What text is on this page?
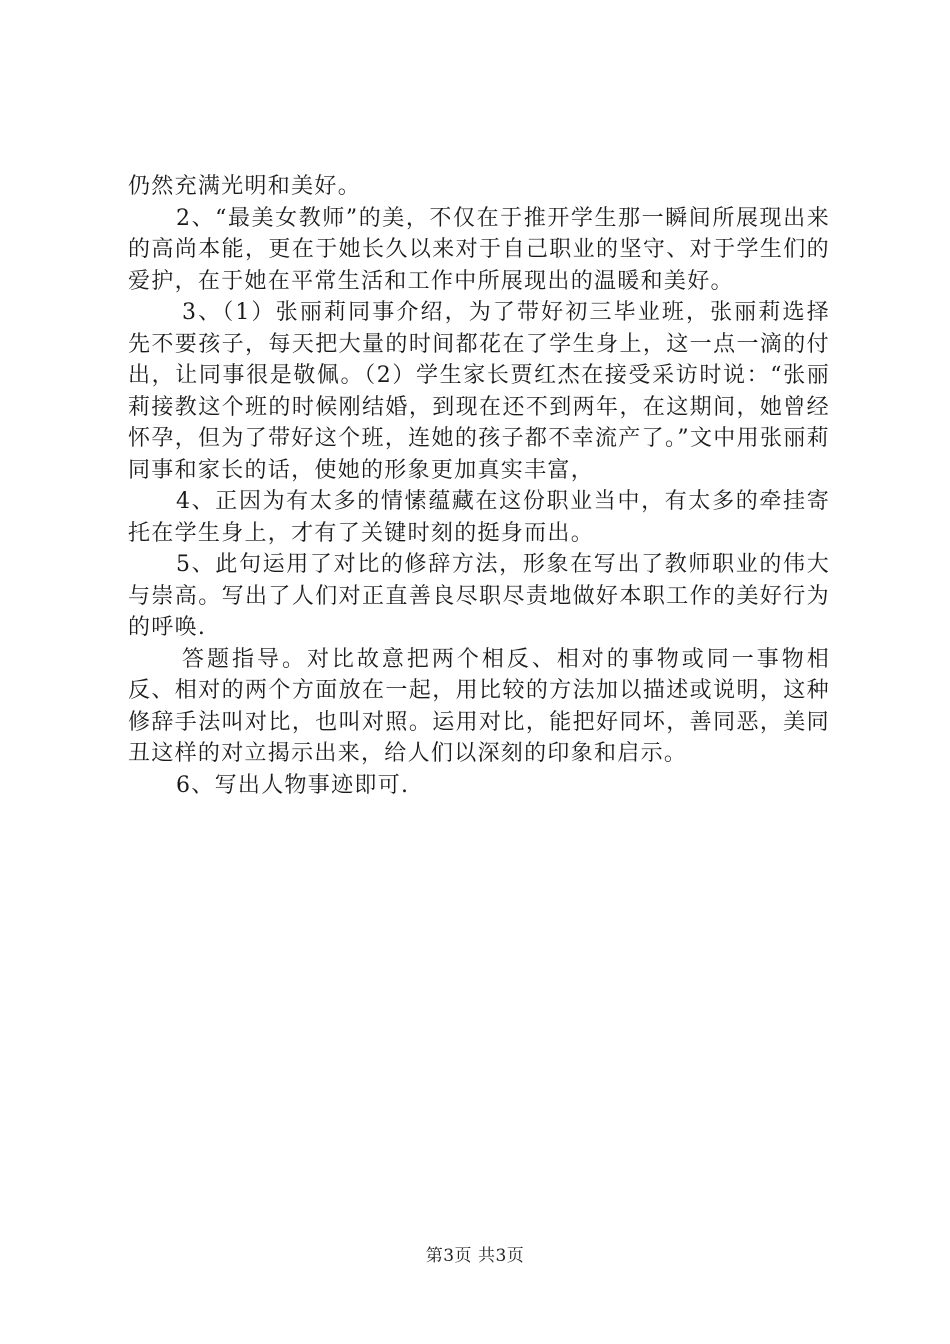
仍然充满光明和美好。

2、“最美女教师”的美，不仅在于推开学生那一瞬间所展现出来的高尚本能，更在于她长久以来对于自己职业的坚守、对于学生们的爱护，在于她在平常生活和工作中所展现出的温暖和美好。

3、（1）张丽莉同事介绍，为了带好初三毕业班，张丽莉选择先不要孩子，每天把大量的时间都花在了学生身上，这一点一滴的付出，让同事很是敬佩。（2）学生家长贾红杰在接受采访时说：“张丽莉接教这个班的时候刚结婚，到现在还不到两年，在这期间，她曾经怀孕，但为了带好这个班，连她的孩子都不幸流产了。”文中用张丽莉同事和家长的话，使她的形象更加真实丰富，

4、正因为有太多的情愫蕴藏在这份职业当中，有太多的牵挂寄托在学生身上，才有了关键时刻的挺身而出。

5、此句运用了对比的修辞方法，形象在写出了教师职业的伟大与崇高。写出了人们对正直善良尽职尽责地做好本职工作的美好行为的呼唤.

答题指导。对比故意把两个相反、相对的事物或同一事物相反、相对的两个方面放在一起，用比较的方法加以描述或说明，这种修辞手法叫对比，也叫对照。运用对比，能把好同坏，善同恶，美同丑这样的对立揭示出来，给人们以深刻的印象和启示。

6、写出人物事迹即可.

第3页 共3页
